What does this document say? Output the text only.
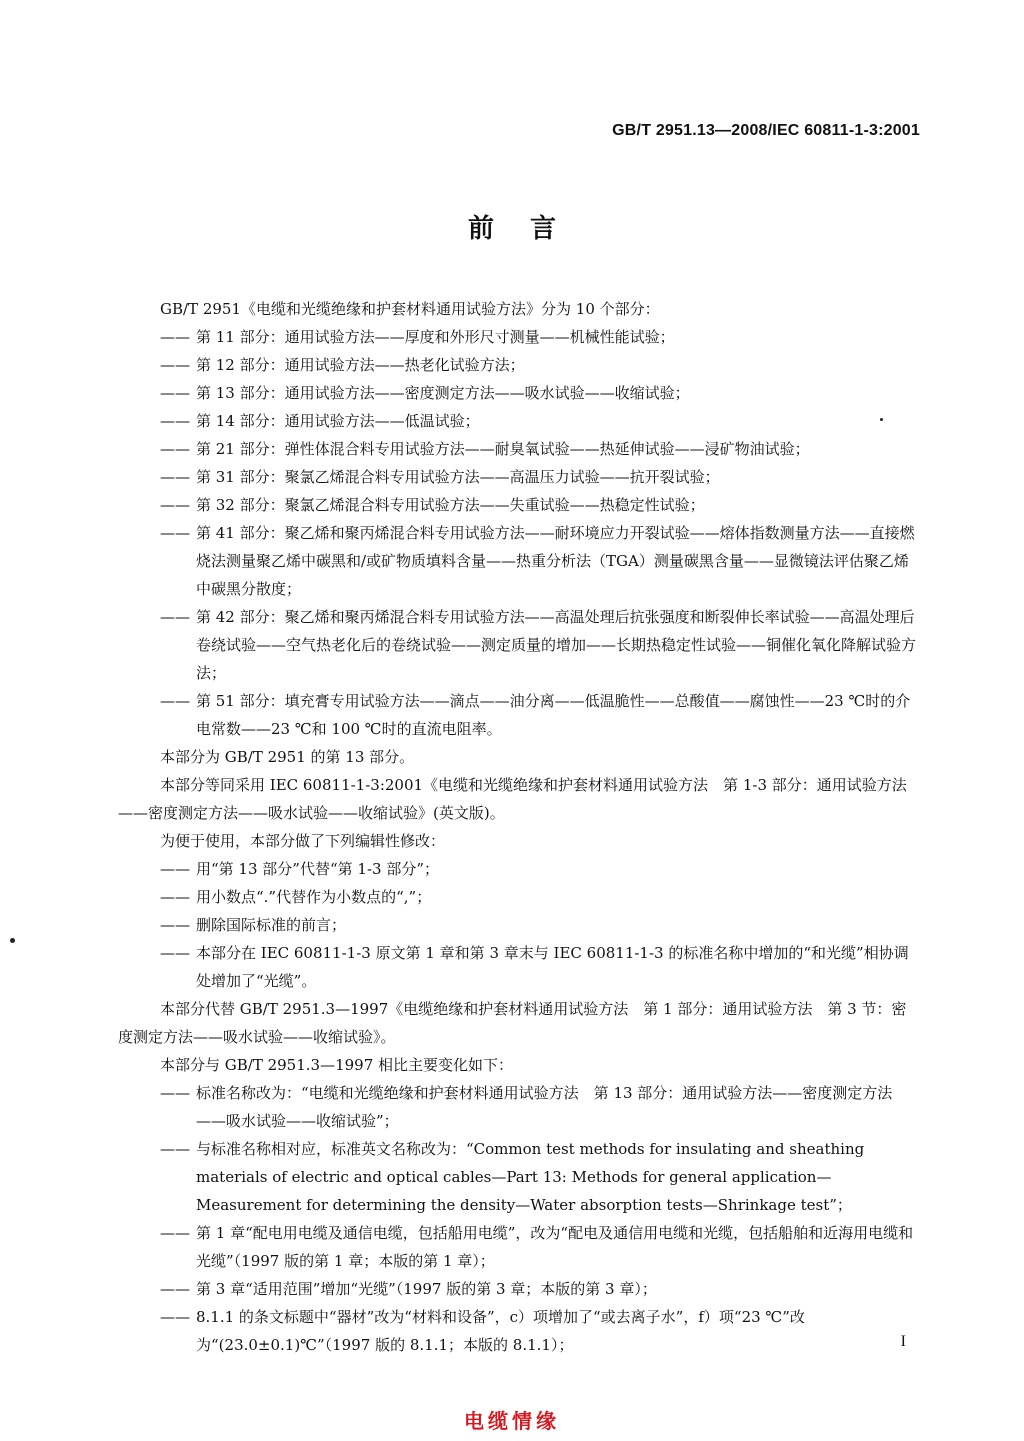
GB/T 2951.13—2008/IEC 60811-1-3:2001
前言
GB/T 2951《电缆和光缆绝缘和护套材料通用试验方法》分为 10 个部分：
—— 第 11 部分：通用试验方法——厚度和外形尺寸测量——机械性能试验；
—— 第 12 部分：通用试验方法——热老化试验方法；
—— 第 13 部分：通用试验方法——密度测定方法——吸水试验——收缩试验；
—— 第 14 部分：通用试验方法——低温试验；
—— 第 21 部分：弹性体混合料专用试验方法——耐臭氧试验——热延伸试验——浸矿物油试验；
—— 第 31 部分：聚氯乙烯混合料专用试验方法——高温压力试验——抗开裂试验；
—— 第 32 部分：聚氯乙烯混合料专用试验方法——失重试验——热稳定性试验；
—— 第 41 部分：聚乙烯和聚丙烯混合料专用试验方法——耐环境应力开裂试验——熔体指数测量方法——直接燃烧法测量聚乙烯中碳黑和/或矿物质填料含量——热重分析法（TGA）测量碳黑含量——显微镜法评估聚乙烯中碳黑分散度；
—— 第 42 部分：聚乙烯和聚丙烯混合料专用试验方法——高温处理后抗张强度和断裂伸长率试验——高温处理后卷绕试验——空气热老化后的卷绕试验——测定质量的增加——长期热稳定性试验——铜催化氧化降解试验方法；
—— 第 51 部分：填充膏专用试验方法——滴点——油分离——低温脆性——总酸值——腐蚀性——23 ℃时的介电常数——23 ℃和 100 ℃时的直流电阻率。
本部分为 GB/T 2951 的第 13 部分。
本部分等同采用 IEC 60811-1-3:2001《电缆和光缆绝缘和护套材料通用试验方法　第 1-3 部分：通用试验方法——密度测定方法——吸水试验——收缩试验》(英文版)。
为便于使用，本部分做了下列编辑性修改：
—— 用“第 13 部分”代替“第 1-3 部分”；
—— 用小数点“.”代替作为小数点的“,”；
—— 删除国际标准的前言；
—— 本部分在 IEC 60811-1-3 原文第 1 章和第 3 章末与 IEC 60811-1-3 的标准名称中增加的“和光缆”相协调处增加了“光缆”。
本部分代替 GB/T 2951.3—1997《电缆绝缘和护套材料通用试验方法　第 1 部分：通用试验方法　第 3 节：密度测定方法——吸水试验——收缩试验》。
本部分与 GB/T 2951.3—1997 相比主要变化如下：
—— 标准名称改为：“电缆和光缆绝缘和护套材料通用试验方法　第 13 部分：通用试验方法——密度测定方法——吸水试验——收缩试验”；
—— 与标准名称相对应，标准英文名称改为：“Common test methods for insulating and sheathing materials of electric and optical cables—Part 13: Methods for general application—Measurement for determining the density—Water absorption tests—Shrinkage test”；
—— 第 1 章“配电用电缆及通信电缆，包括船用电缆”，改为“配电及通信用电缆和光缆，包括船舶和近海用电缆和光缆”（1997 版的第 1 章；本版的第 1 章）；
—— 第 3 章“适用范围”增加“光缆”（1997 版的第 3 章；本版的第 3 章）；
—— 8.1.1 的条文标题中“器材”改为“材料和设备”，c）项增加了“或去离子水”，f）项“23 ℃”改为“(23.0±0.1)℃”（1997 版的 8.1.1；本版的 8.1.1）；	I
电缆情缘
